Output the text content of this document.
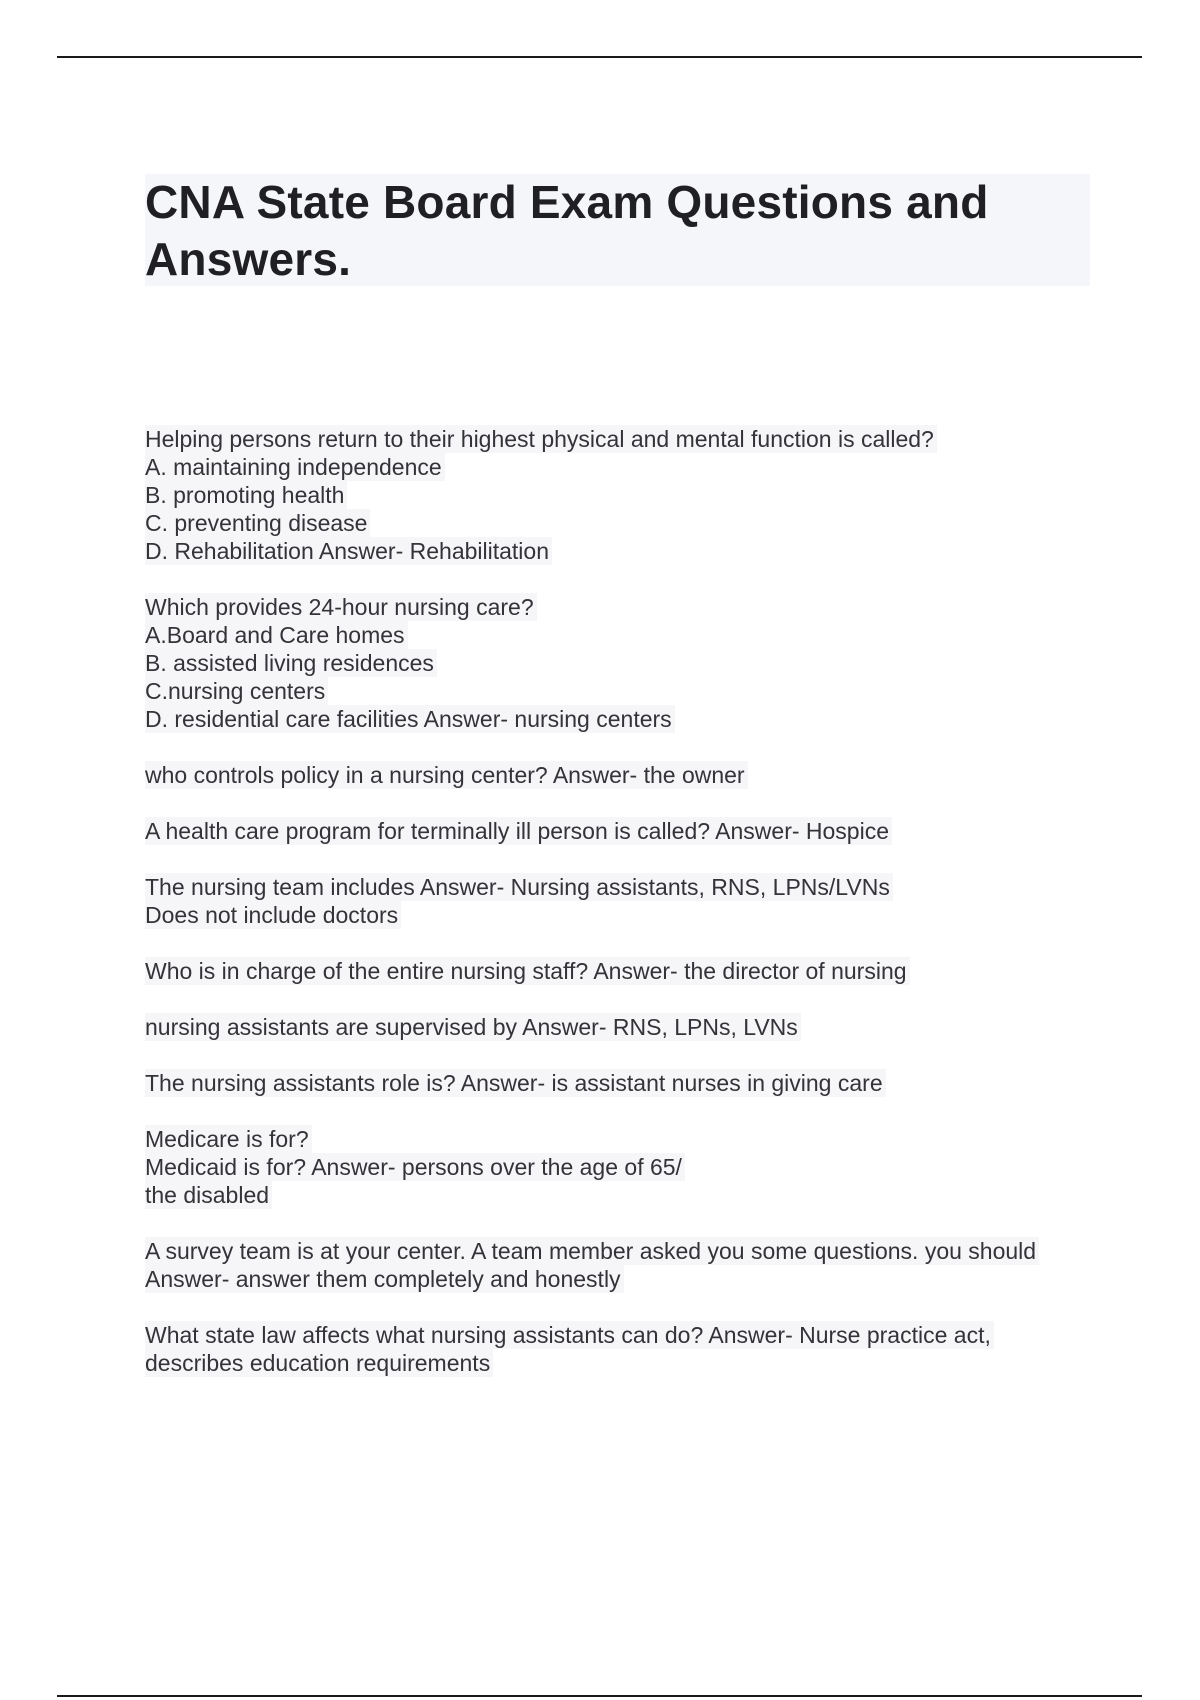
CNA State Board Exam Questions and Answers.
Helping persons return to their highest physical and mental function is called?
A. maintaining independence
B. promoting health
C. preventing disease
D. Rehabilitation Answer- Rehabilitation
Which provides 24-hour nursing care?
A.Board and Care homes
B. assisted living residences
C.nursing centers
D. residential care facilities Answer- nursing centers
who controls policy in a nursing center? Answer- the owner
A health care program for terminally ill person is called? Answer- Hospice
The nursing team includes Answer- Nursing assistants, RNS, LPNs/LVNs
Does not include doctors
Who is in charge of the entire nursing staff? Answer- the director of nursing
nursing assistants are supervised by Answer- RNS, LPNs, LVNs
The nursing assistants role is? Answer- is assistant nurses in giving care
Medicare is for?
Medicaid is for? Answer- persons over the age of 65/
the disabled
A survey team is at your center. A team member asked you some questions. you should
Answer- answer them completely and honestly
What state law affects what nursing assistants can do? Answer- Nurse practice act,
describes education requirements
